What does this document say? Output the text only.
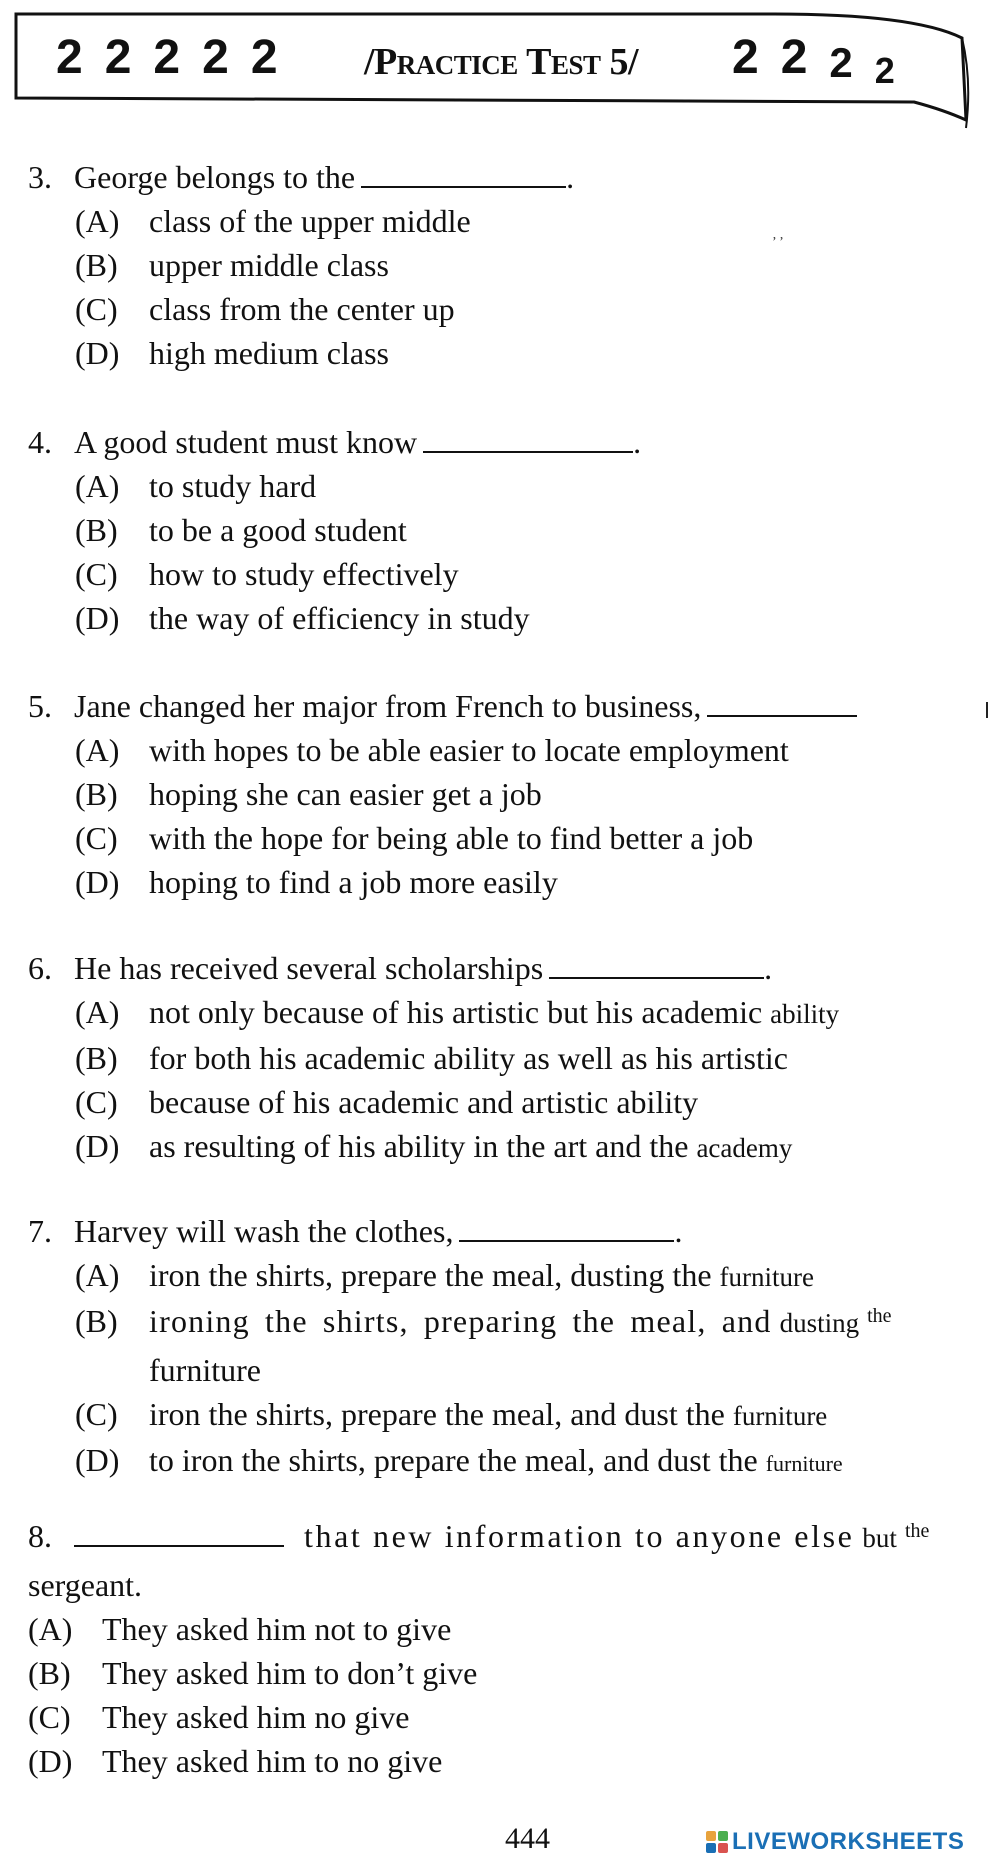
2 2 2 2 2	/Practice Test 5/ 2 2 2 2
’ ’
3. George belongs to the	.
(A) class of the upper middle
(B) upper middle class
(C) class from the center up
(D) high medium class
4. A good student must know	.
(A) to study hard
(B) to be a good student
(C) how to study effectively
(D) the way of efficiency in study
5. Jane changed her major from French to business,
(A) with hopes to be able easier to locate employment
(B) hoping she can easier get a job
(C) with the hope for being able to find better a job
(D) hoping to find a job more easily
6. He has received several scholarships	.
(A) not only because of his artistic but his academic ability
(B) for both his academic ability as well as his artistic
(C) because of his academic and artistic ability
(D) as resulting of his ability in the art and the academy
7. Harvey will wash the clothes,	.
(A) iron the shirts, prepare the meal, dusting the furniture
(B) ironing the shirts, preparing the meal, and dusting $^{the}$
furniture
(C) iron the shirts, prepare the meal, and dust the furniture
(D) to iron the shirts, prepare the meal, and dust the furniture
8.	that new information to anyone else
but
the
sergeant.
(A) They asked him not to give
(B) They asked him to don’t give
(C) They asked him no give
(D) They asked him to no give
444	LIVEWORKSHEETS
